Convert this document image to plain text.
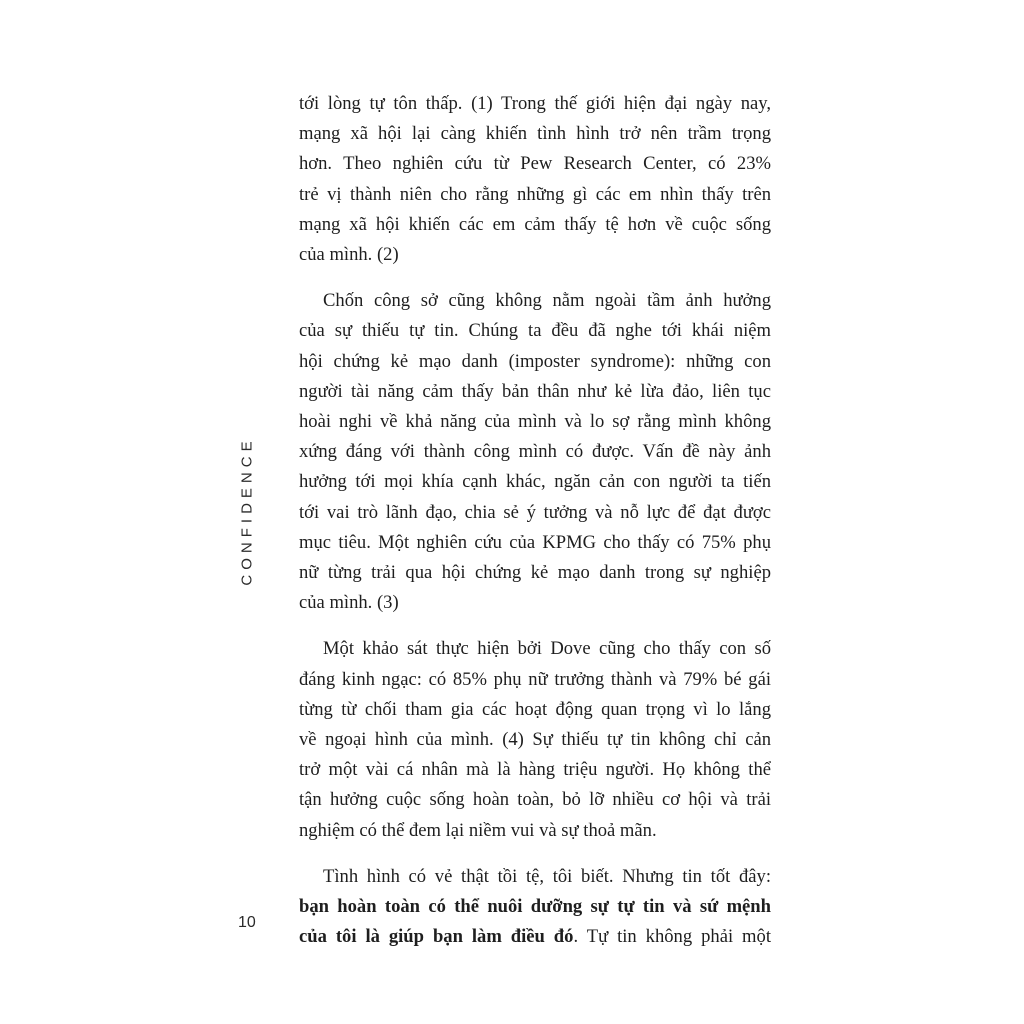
CONFIDENCE
10
tới lòng tự tôn thấp. (1) Trong thế giới hiện đại ngày nay,
mạng xã hội lại càng khiến tình hình trở nên trầm trọng
hơn. Theo nghiên cứu từ Pew Research Center, có 23%
trẻ vị thành niên cho rằng những gì các em nhìn thấy trên
mạng xã hội khiến các em cảm thấy tệ hơn về cuộc sống
của mình. (2)
Chốn công sở cũng không nằm ngoài tầm ảnh hưởng
của sự thiếu tự tin. Chúng ta đều đã nghe tới khái niệm
hội chứng kẻ mạo danh (imposter syndrome): những con
người tài năng cảm thấy bản thân như kẻ lừa đảo, liên tục
hoài nghi về khả năng của mình và lo sợ rằng mình không
xứng đáng với thành công mình có được. Vấn đề này ảnh
hưởng tới mọi khía cạnh khác, ngăn cản con người ta tiến
tới vai trò lãnh đạo, chia sẻ ý tưởng và nỗ lực để đạt được
mục tiêu. Một nghiên cứu của KPMG cho thấy có 75% phụ
nữ từng trải qua hội chứng kẻ mạo danh trong sự nghiệp
của mình. (3)
Một khảo sát thực hiện bởi Dove cũng cho thấy con số
đáng kinh ngạc: có 85% phụ nữ trưởng thành và 79% bé gái
từng từ chối tham gia các hoạt động quan trọng vì lo lắng
về ngoại hình của mình. (4) Sự thiếu tự tin không chỉ cản
trở một vài cá nhân mà là hàng triệu người. Họ không thể
tận hưởng cuộc sống hoàn toàn, bỏ lỡ nhiều cơ hội và trải
nghiệm có thể đem lại niềm vui và sự thoả mãn.
Tình hình có vẻ thật tồi tệ, tôi biết. Nhưng tin tốt đây:
bạn hoàn toàn có thể nuôi dưỡng sự tự tin và sứ mệnh
của tôi là giúp bạn làm điều đó. Tự tin không phải một
